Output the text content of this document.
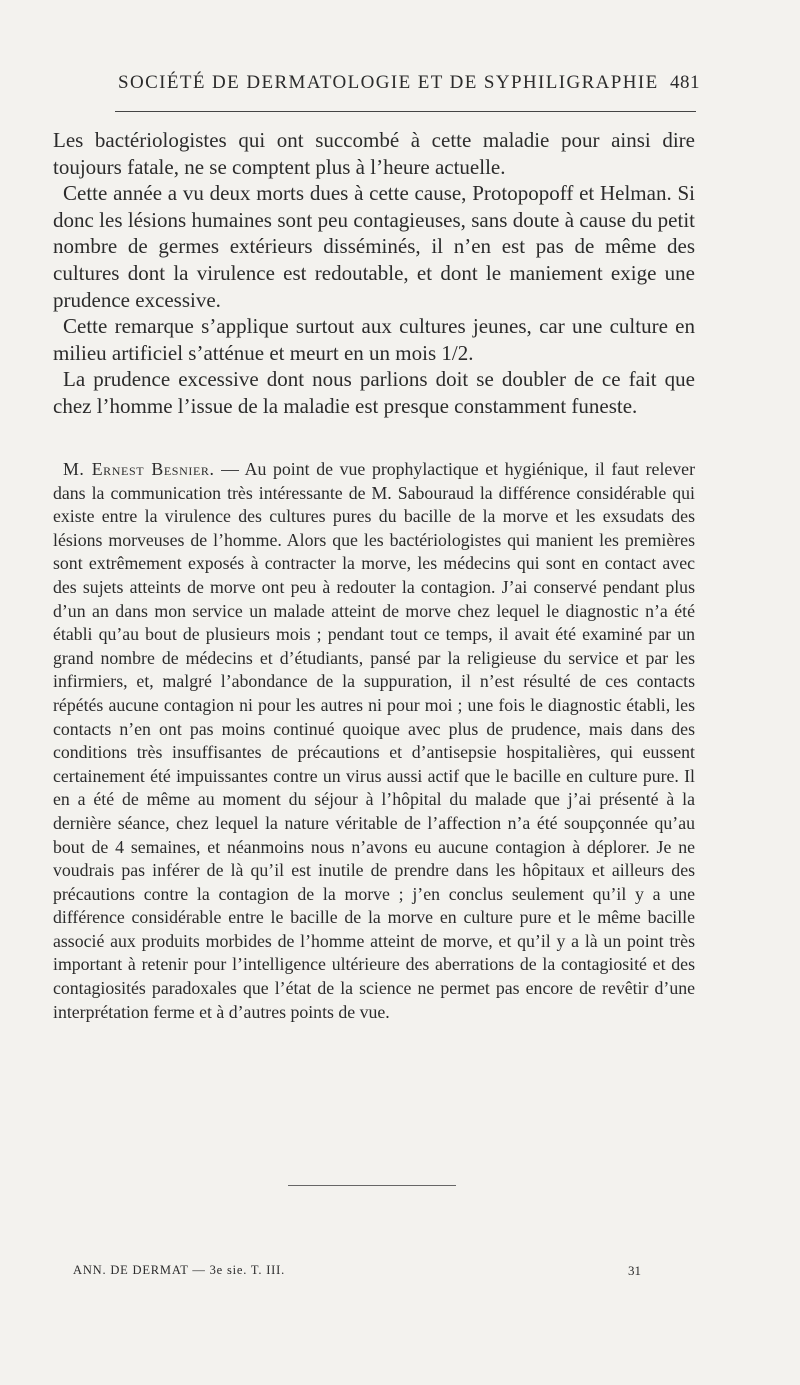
SOCIÉTÉ DE DERMATOLOGIE ET DE SYPHILIGRAPHIE 481

Les bactériologistes qui ont succombé à cette maladie pour ainsi dire toujours fatale, ne se comptent plus à l’heure actuelle.

Cette année a vu deux morts dues à cette cause, Protopopoff et Helman. Si donc les lésions humaines sont peu contagieuses, sans doute à cause du petit nombre de germes extérieurs disséminés, il n’en est pas de même des cultures dont la virulence est redoutable, et dont le maniement exige une prudence excessive.

Cette remarque s’applique surtout aux cultures jeunes, car une culture en milieu artificiel s’atténue et meurt en un mois 1/2.

La prudence excessive dont nous parlions doit se doubler de ce fait que chez l’homme l’issue de la maladie est presque constamment funeste.

M. Ernest Besnier. — Au point de vue prophylactique et hygiénique, il faut relever dans la communication très intéressante de M. Sabouraud la différence considérable qui existe entre la virulence des cultures pures du bacille de la morve et les exsudats des lésions morveuses de l’homme. Alors que les bactériologistes qui manient les premières sont extrêmement exposés à contracter la morve, les médecins qui sont en contact avec des sujets atteints de morve ont peu à redouter la contagion. J’ai conservé pendant plus d’un an dans mon service un malade atteint de morve chez lequel le diagnostic n’a été établi qu’au bout de plusieurs mois ; pendant tout ce temps, il avait été examiné par un grand nombre de médecins et d’étudiants, pansé par la religieuse du service et par les infirmiers, et, malgré l’abondance de la suppuration, il n’est résulté de ces contacts répétés aucune contagion ni pour les autres ni pour moi ; une fois le diagnostic établi, les contacts n’en ont pas moins continué quoique avec plus de prudence, mais dans des conditions très insuffisantes de précautions et d’antisepsie hospitalières, qui eussent certainement été impuissantes contre un virus aussi actif que le bacille en culture pure. Il en a été de même au moment du séjour à l’hôpital du malade que j’ai présenté à la dernière séance, chez lequel la nature véritable de l’affection n’a été soupçonnée qu’au bout de 4 semaines, et néanmoins nous n’avons eu aucune contagion à déplorer. Je ne voudrais pas inférer de là qu’il est inutile de prendre dans les hôpitaux et ailleurs des précautions contre la contagion de la morve ; j’en conclus seulement qu’il y a une différence considérable entre le bacille de la morve en culture pure et le même bacille associé aux produits morbides de l’homme atteint de morve, et qu’il y a là un point très important à retenir pour l’intelligence ultérieure des aberrations de la contagiosité et des contagiosités paradoxales que l’état de la science ne permet pas encore de revêtir d’une interprétation ferme et à d’autres points de vue.

ANN. DE DERMAT — 3e sie. T. III.	31
